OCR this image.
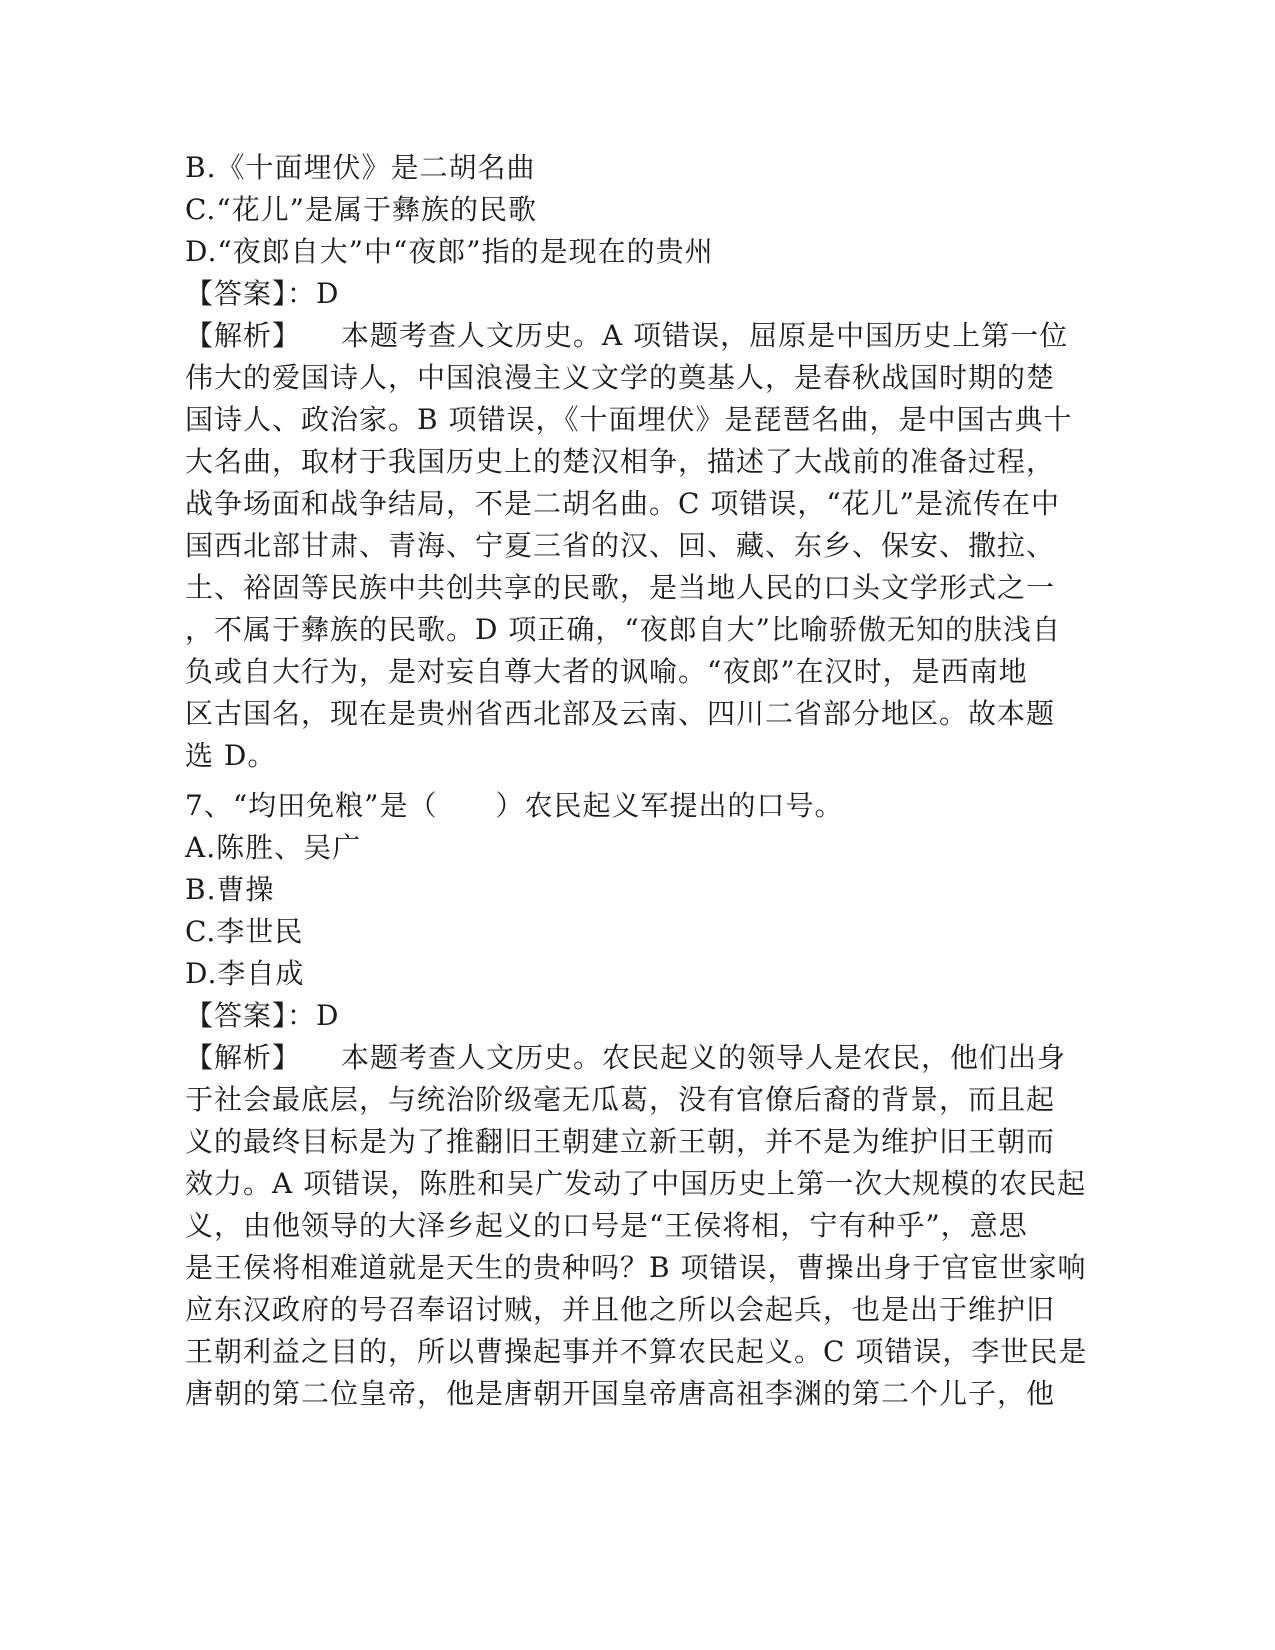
B.《十面埋伏》是二胡名曲
C.“花儿”是属于彝族的民歌
D.“夜郎自大”中“夜郎”指的是现在的贵州
【答案】：D
【解析】 本题考查人文历史。A 项错误，屈原是中国历史上第一位
伟大的爱国诗人，中国浪漫主义文学的奠基人，是春秋战国时期的楚
国诗人、政治家。B 项错误，《十面埋伏》是琵琶名曲，是中国古典十
大名曲，取材于我国历史上的楚汉相争，描述了大战前的准备过程，
战争场面和战争结局，不是二胡名曲。C 项错误，“花儿”是流传在中
国西北部甘肃、青海、宁夏三省的汉、回、藏、东乡、保安、撒拉、
土、裕固等民族中共创共享的民歌，是当地人民的口头文学形式之一
，不属于彝族的民歌。D 项正确，“夜郎自大”比喻骄傲无知的肤浅自
负或自大行为，是对妄自尊大者的讽喻。“夜郎”在汉时，是西南地
区古国名，现在是贵州省西北部及云南、四川二省部分地区。故本题
选 D。
7、“均田免粮”是（　　）农民起义军提出的口号。
A.陈胜、吴广
B.曹操
C.李世民
D.李自成
【答案】：D
【解析】 本题考查人文历史。农民起义的领导人是农民，他们出身
于社会最底层，与统治阶级毫无瓜葛，没有官僚后裔的背景，而且起
义的最终目标是为了推翻旧王朝建立新王朝，并不是为维护旧王朝而
效力。A 项错误，陈胜和吴广发动了中国历史上第一次大规模的农民起
义，由他领导的大泽乡起义的口号是“王侯将相，宁有种乎”，意思
是王侯将相难道就是天生的贵种吗？B 项错误，曹操出身于官宦世家响
应东汉政府的号召奉诏讨贼，并且他之所以会起兵，也是出于维护旧
王朝利益之目的，所以曹操起事并不算农民起义。C 项错误，李世民是
唐朝的第二位皇帝，他是唐朝开国皇帝唐高祖李渊的第二个儿子，他
